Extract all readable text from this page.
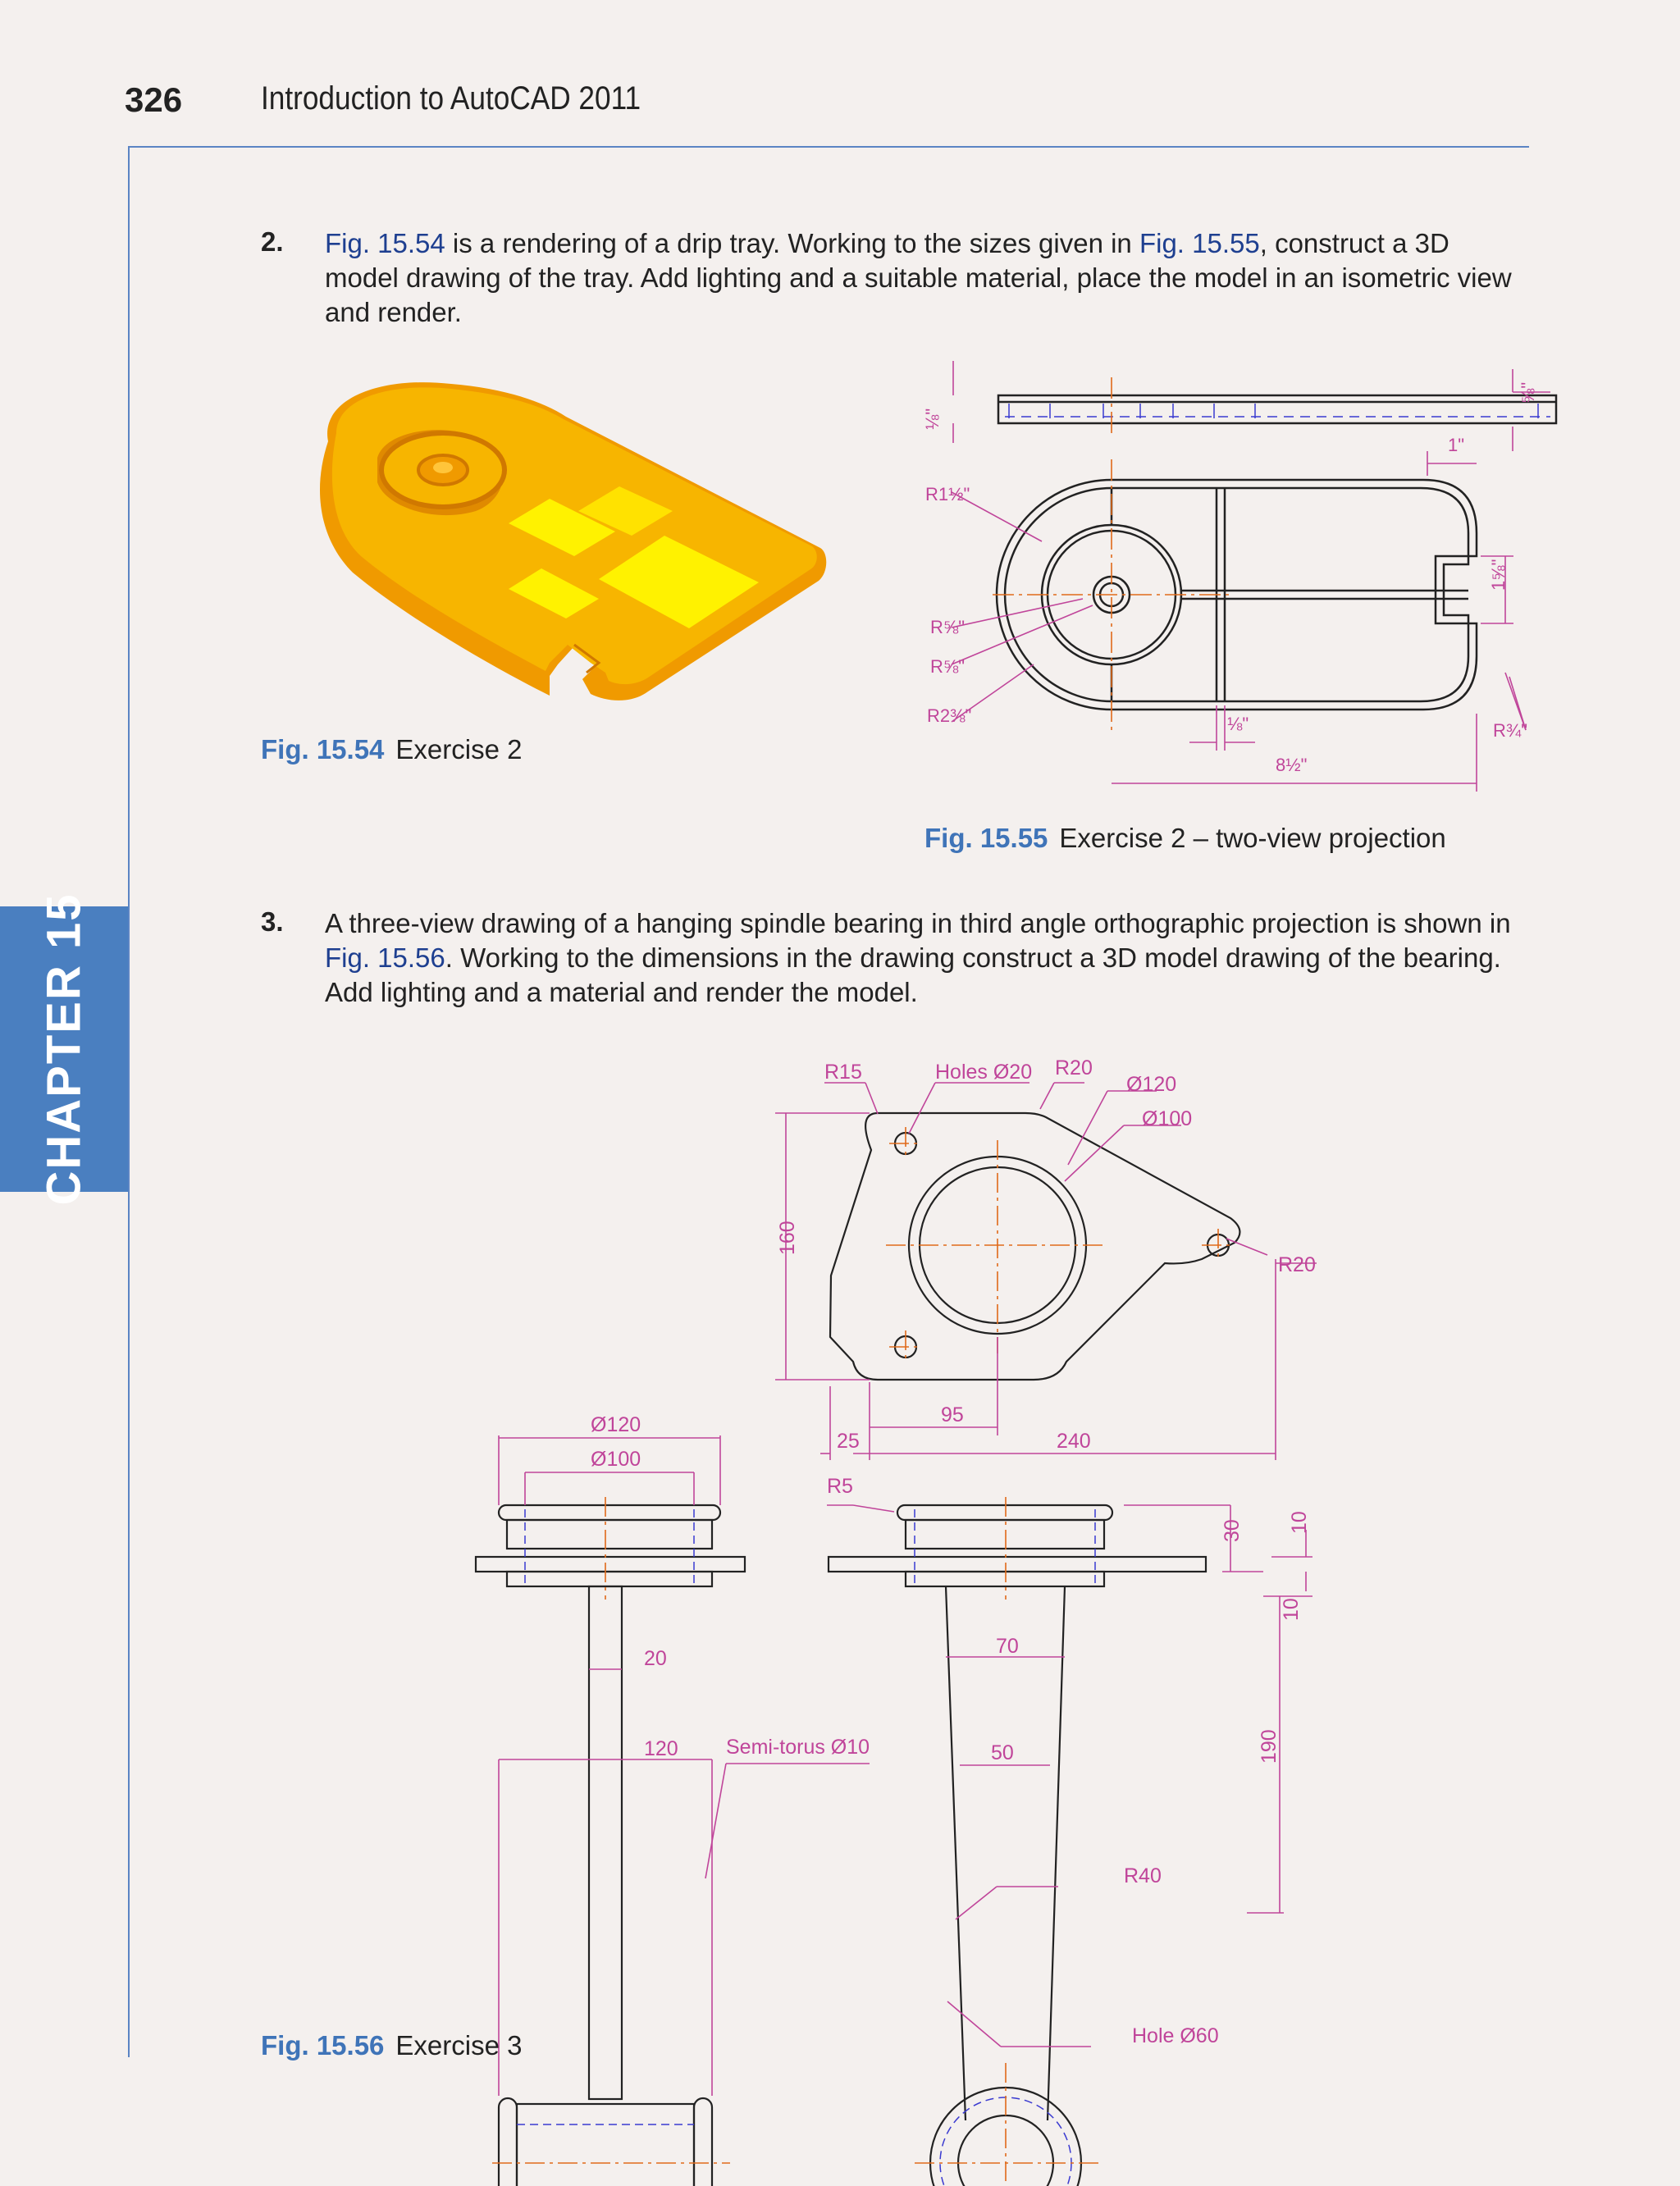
326 Introduction to AutoCAD 2011
CHAPTER 15
2. Fig. 15.54 is a rendering of a drip tray. Working to the sizes given in Fig. 15.55, construct a 3D model drawing of the tray. Add lighting and a suitable material, place the model in an isometric view and render.
Fig. 15.54 Exercise 2
⅛"
⅝"
1"
1⅝"
R1½"
R⅝"
R⅝"
R2⅜"	⅛"	R¾"
8½"
Fig. 15.55 Exercise 2 – two-view projection
3. A three-view drawing of a hanging spindle bearing in third angle orthographic projection is shown in Fig. 15.56. Working to the dimensions in the drawing construct a 3D model drawing of the bearing. Add lighting and a material and render the model.
R15	Holes Ø20 R20
Ø120
Ø100
R20
160
95
25	240
Ø120
Ø100
R5
30 10
10
20
120 Semi-torus Ø10
70
50	190
R40
Hole Ø60
Fig. 15.56 Exercise 3
